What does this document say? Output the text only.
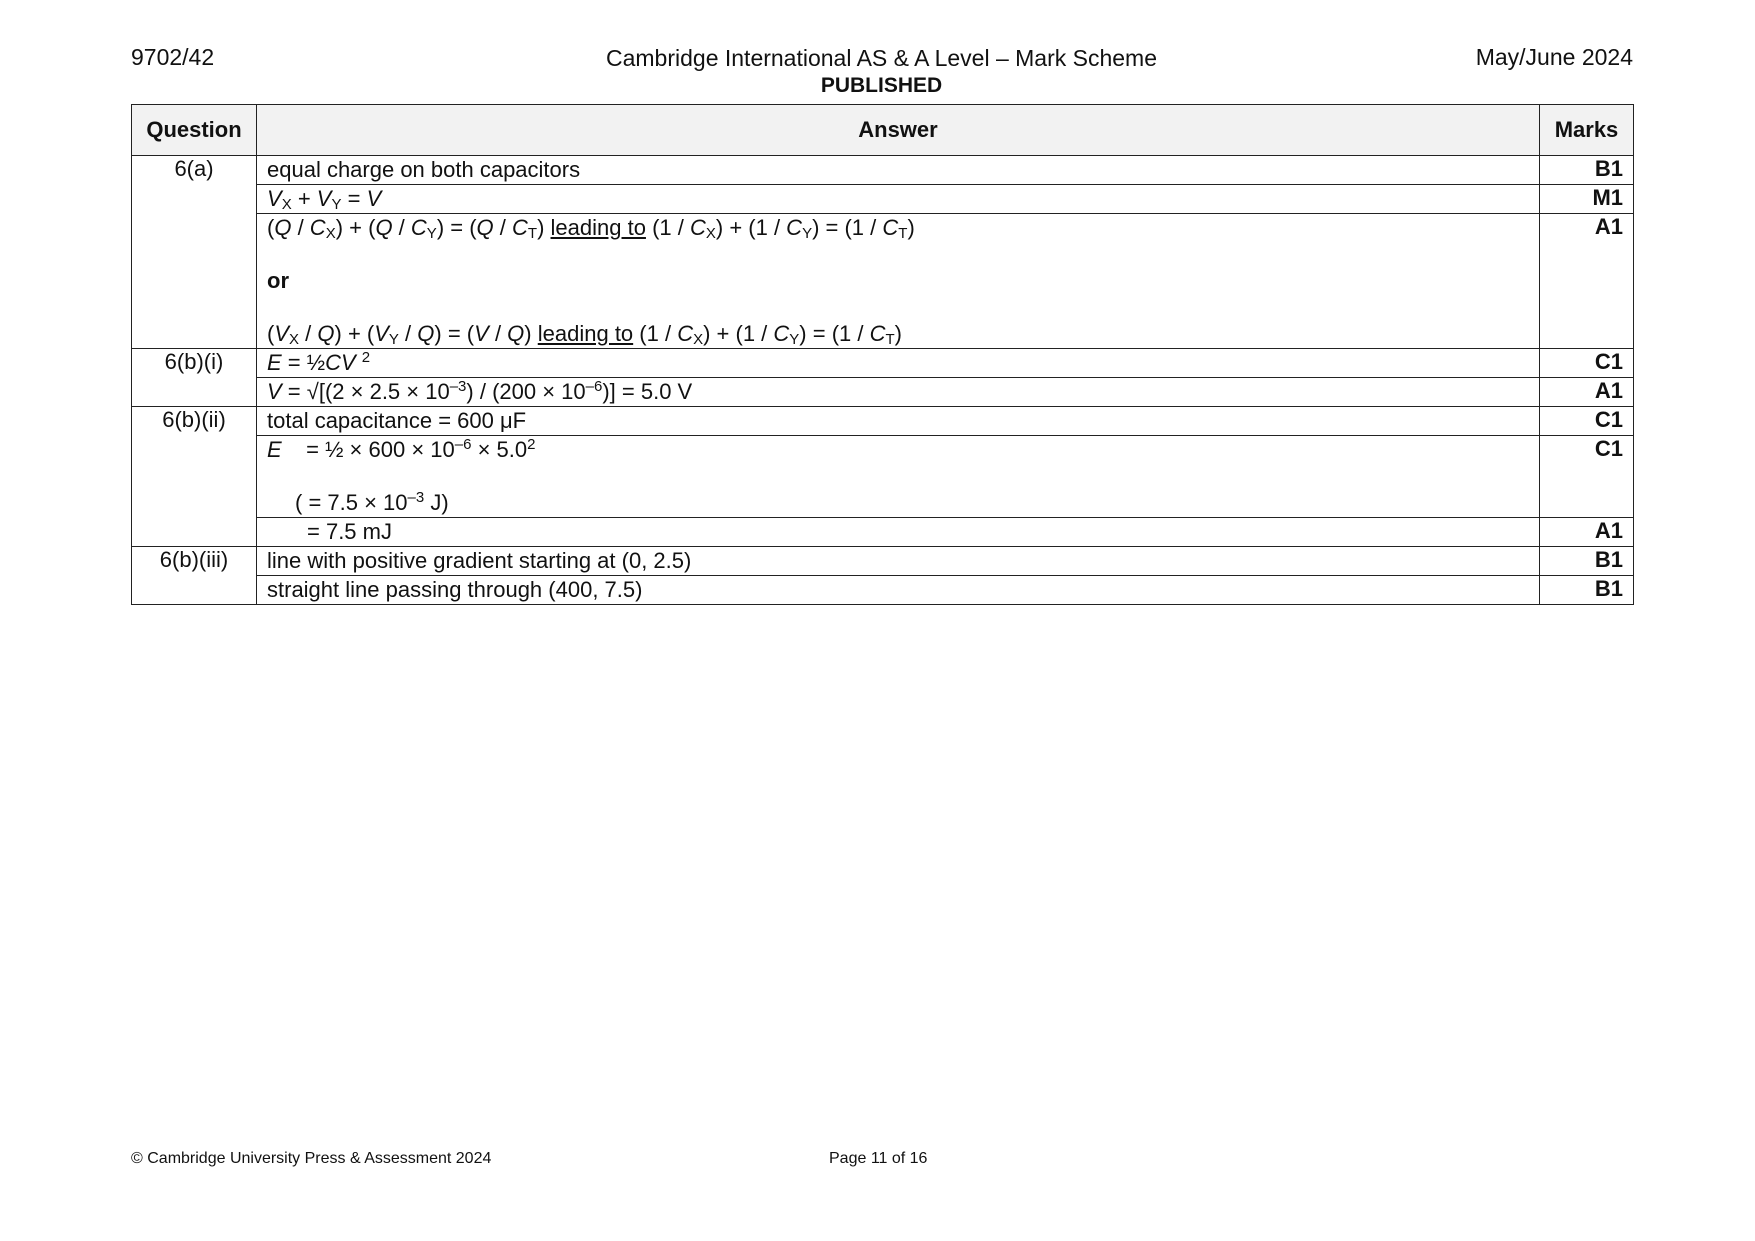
9702/42	Cambridge International AS & A Level – Mark Scheme
PUBLISHED
May/June 2024
Question	Answer	Marks
6(a)	equal charge on both capacitors	B1

	$V_X + V_Y = V$	M1

	$(Q / C_X) + (Q / C_Y) = (Q / C_T)$ leading to $(1 / C_X) + (1 / C_Y) = (1 / C_T)$
or
$(V_X / Q) + (V_Y / Q) = (V / Q)$ leading to $(1 / C_X) + (1 / C_Y) = (1 / C_T)$	A1
6(b)(i)	E = ½CV $^2$	C1

	$V = √[(2 \times 2.5 \times 10^{-3}) / (200 \times 10^{-6})] = 5.0$ V	A1
6(b)(ii)	total capacitance = 600 μF	C1

	E    = ½ × $600 \times 10^{-6} \times 5.0^2$
( = $7.5 \times 10^{-3}$ J)	C1

	= 7.5 mJ	A1
6(b)(iii)	line with positive gradient starting at (0, 2.5)	B1

	straight line passing through (400, 7.5)	B1
© Cambridge University Press & Assessment 2024	Page 11 of 16
